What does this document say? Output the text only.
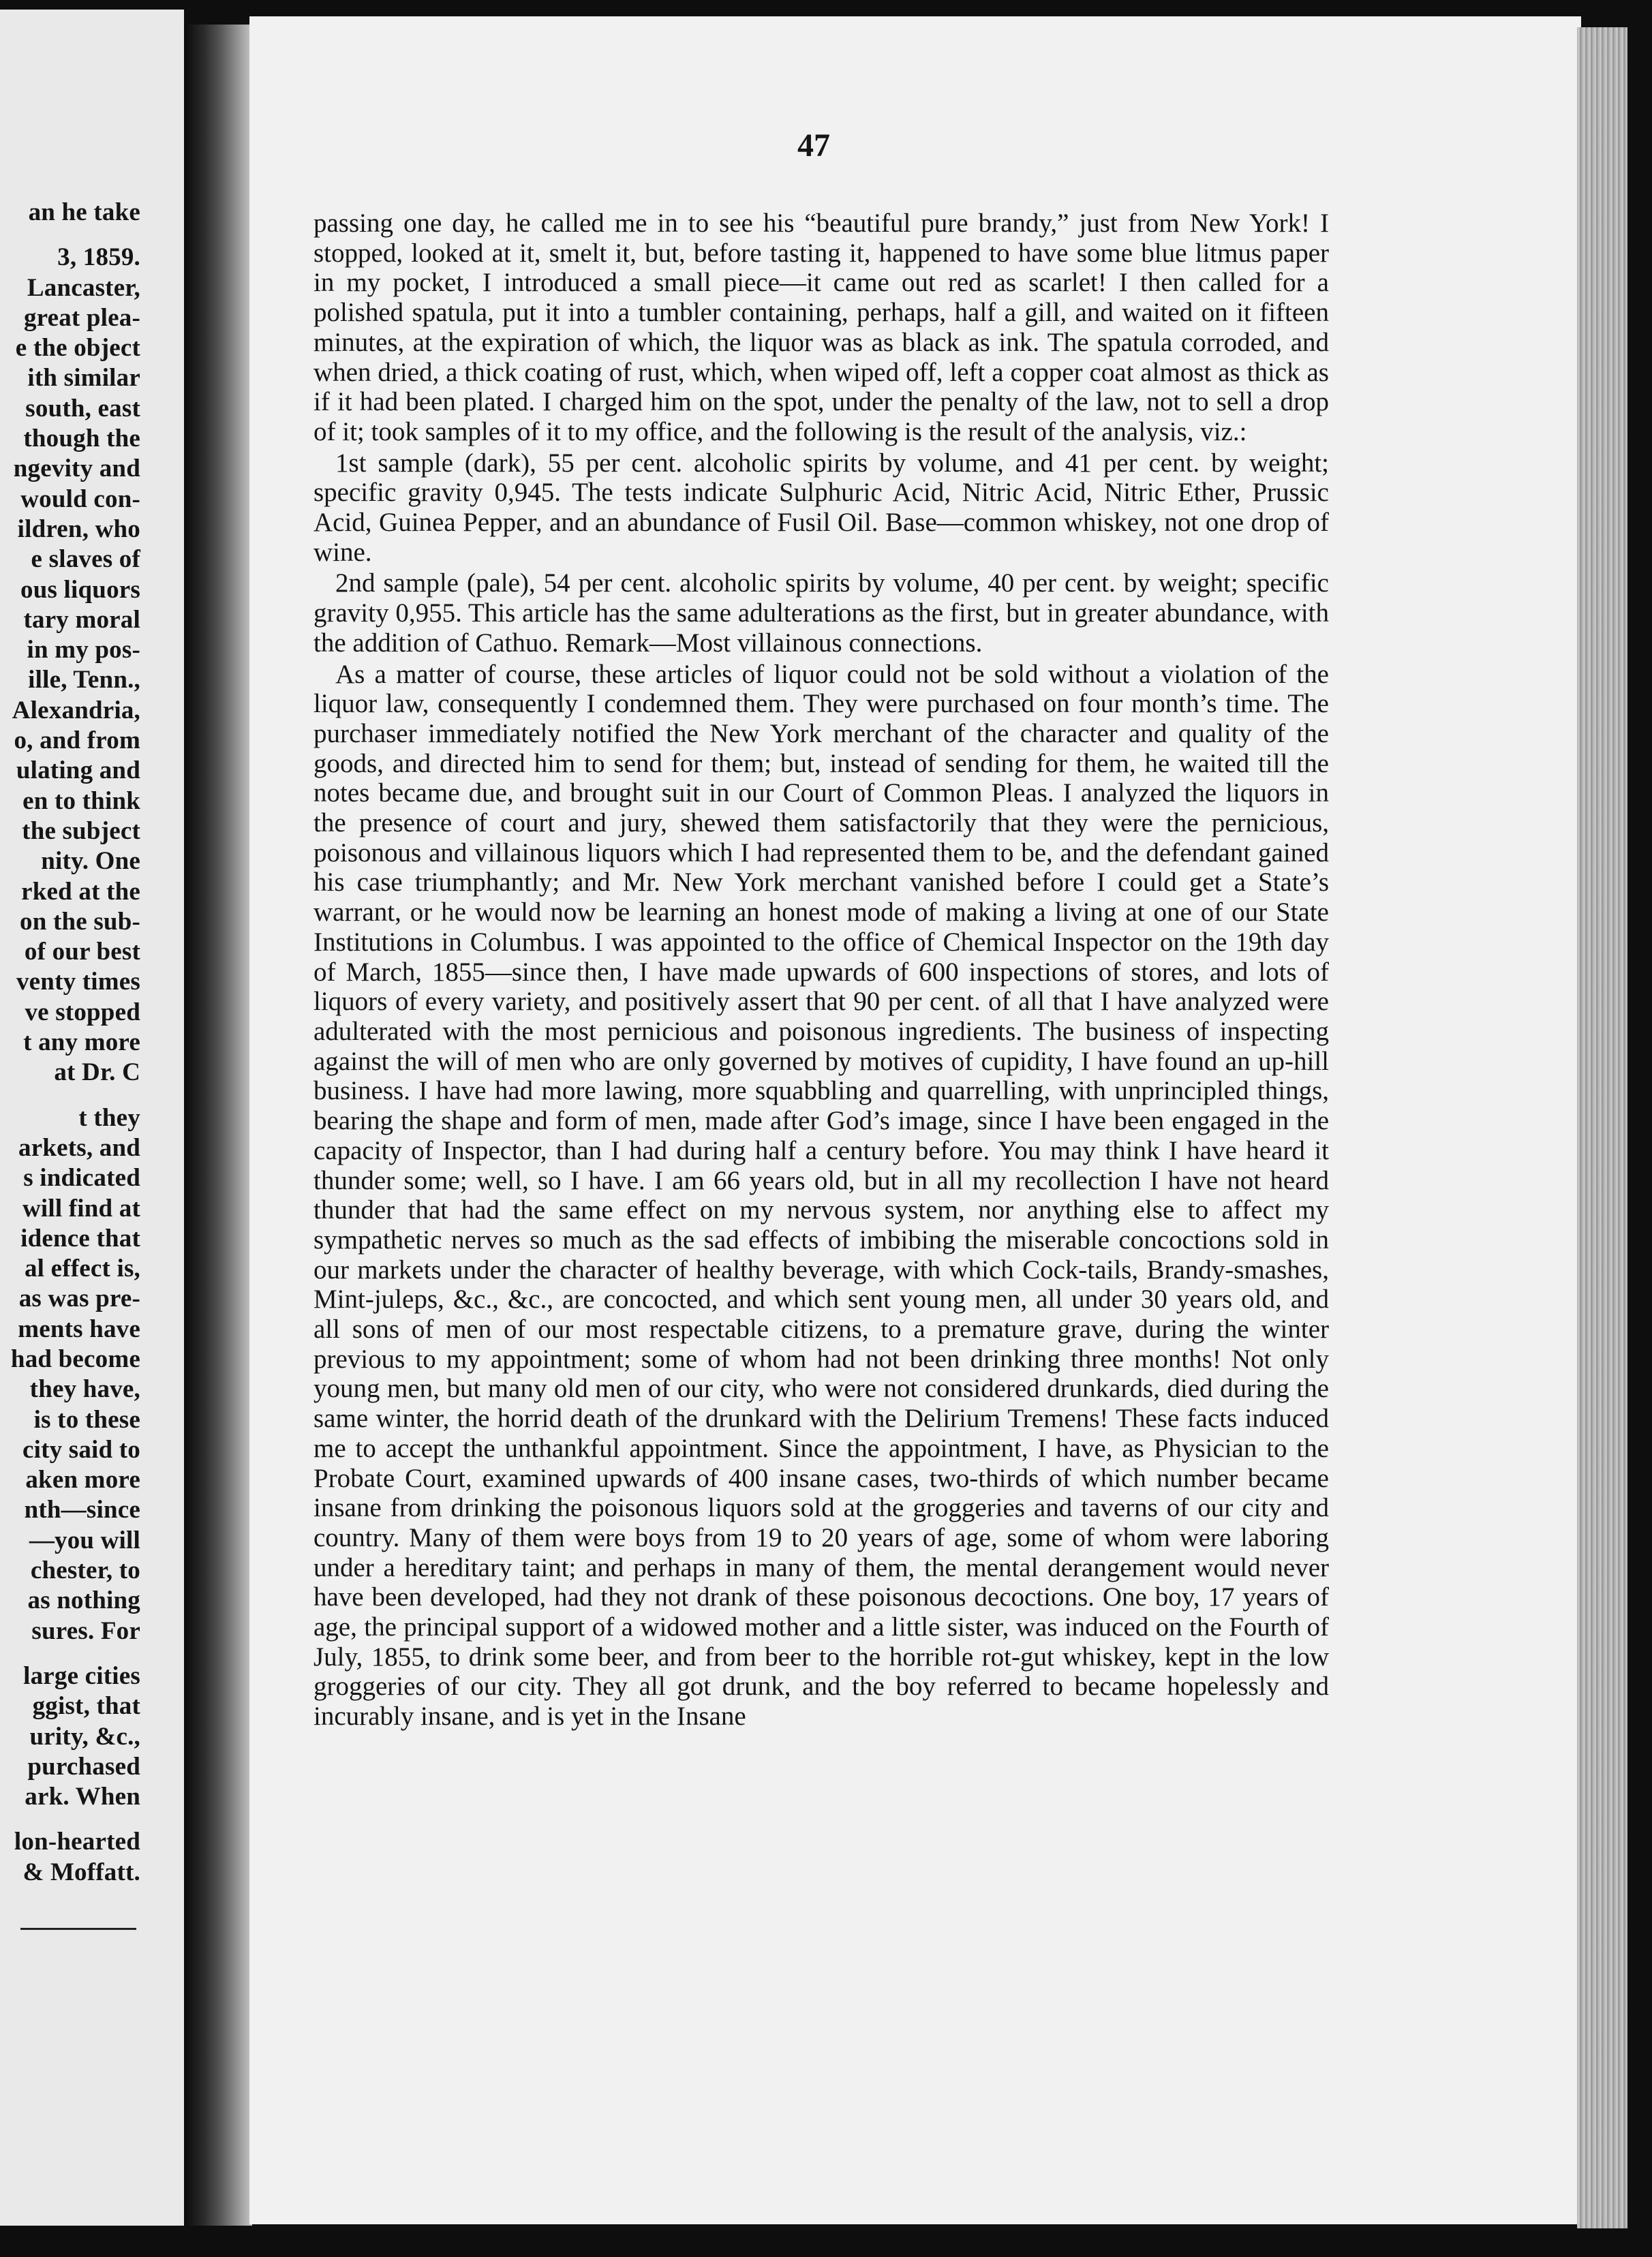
an he take
3, 1859.
Lancaster,
great plea-
e the object
ith similar
south, east
though the
ngevity and
would con-
ildren, who
e slaves of
ous liquors
tary moral
in my pos-
ille, Tenn.,
Alexandria,
o, and from
ulating and
en to think
the subject
nity. One
rked at the
on the sub-
of our best
venty times
ve stopped
t any more
at Dr. C
t they
arkets, and
s indicated
will find at
idence that
al effect is,
as was pre-
ments have
had become
they have,
is to these
city said to
aken more
nth—since
—you will
chester, to
as nothing
sures. For
large cities
ggist, that
urity, &c.,
purchased
ark. When
lon-hearted
& Moffatt.
47

passing one day, he called me in to see his “beautiful pure brandy,” just from New York! I stopped, looked at it, smelt it, but, before tasting it, happened to have some blue litmus paper in my pocket, I introduced a small piece—it came out red as scarlet! I then called for a polished spatula, put it into a tumbler containing, perhaps, half a gill, and waited on it fifteen minutes, at the expiration of which, the liquor was as black as ink. The spatula corroded, and when dried, a thick coating of rust, which, when wiped off, left a copper coat almost as thick as if it had been plated. I charged him on the spot, under the penalty of the law, not to sell a drop of it; took samples of it to my office, and the following is the result of the analysis, viz.:

1st sample (dark), 55 per cent. alcoholic spirits by volume, and 41 per cent. by weight; specific gravity 0,945. The tests indicate Sulphuric Acid, Nitric Acid, Nitric Ether, Prussic Acid, Guinea Pepper, and an abundance of Fusil Oil. Base—common whiskey, not one drop of wine.

2nd sample (pale), 54 per cent. alcoholic spirits by volume, 40 per cent. by weight; specific gravity 0,955. This article has the same adulterations as the first, but in greater abundance, with the addition of Cathuo. Remark—Most villainous connections.

As a matter of course, these articles of liquor could not be sold without a violation of the liquor law, consequently I condemned them. They were purchased on four month’s time. The purchaser immediately notified the New York merchant of the character and quality of the goods, and directed him to send for them; but, instead of sending for them, he waited till the notes became due, and brought suit in our Court of Common Pleas. I analyzed the liquors in the presence of court and jury, shewed them satisfactorily that they were the pernicious, poisonous and villainous liquors which I had represented them to be, and the defendant gained his case triumphantly; and Mr. New York merchant vanished before I could get a State’s warrant, or he would now be learning an honest mode of making a living at one of our State Institutions in Columbus. I was appointed to the office of Chemical Inspector on the 19th day of March, 1855—since then, I have made upwards of 600 inspections of stores, and lots of liquors of every variety, and positively assert that 90 per cent. of all that I have analyzed were adulterated with the most pernicious and poisonous ingredients. The business of inspecting against the will of men who are only governed by motives of cupidity, I have found an up-hill business. I have had more lawing, more squabbling and quarrelling, with unprincipled things, bearing the shape and form of men, made after God’s image, since I have been engaged in the capacity of Inspector, than I had during half a century before. You may think I have heard it thunder some; well, so I have. I am 66 years old, but in all my recollection I have not heard thunder that had the same effect on my nervous system, nor anything else to affect my sympathetic nerves so much as the sad effects of imbibing the miserable concoctions sold in our markets under the character of healthy beverage, with which Cock-tails, Brandy-smashes, Mint-juleps, &c., &c., are concocted, and which sent young men, all under 30 years old, and all sons of men of our most respectable citizens, to a premature grave, during the winter previous to my appointment; some of whom had not been drinking three months! Not only young men, but many old men of our city, who were not considered drunkards, died during the same winter, the horrid death of the drunkard with the Delirium Tremens! These facts induced me to accept the unthankful appointment. Since the appointment, I have, as Physician to the Probate Court, examined upwards of 400 insane cases, two-thirds of which number became insane from drinking the poisonous liquors sold at the groggeries and taverns of our city and country. Many of them were boys from 19 to 20 years of age, some of whom were laboring under a hereditary taint; and perhaps in many of them, the mental derangement would never have been developed, had they not drank of these poisonous decoctions. One boy, 17 years of age, the principal support of a widowed mother and a little sister, was induced on the Fourth of July, 1855, to drink some beer, and from beer to the horrible rot-gut whiskey, kept in the low groggeries of our city. They all got drunk, and the boy referred to became hopelessly and incurably insane, and is yet in the Insane
